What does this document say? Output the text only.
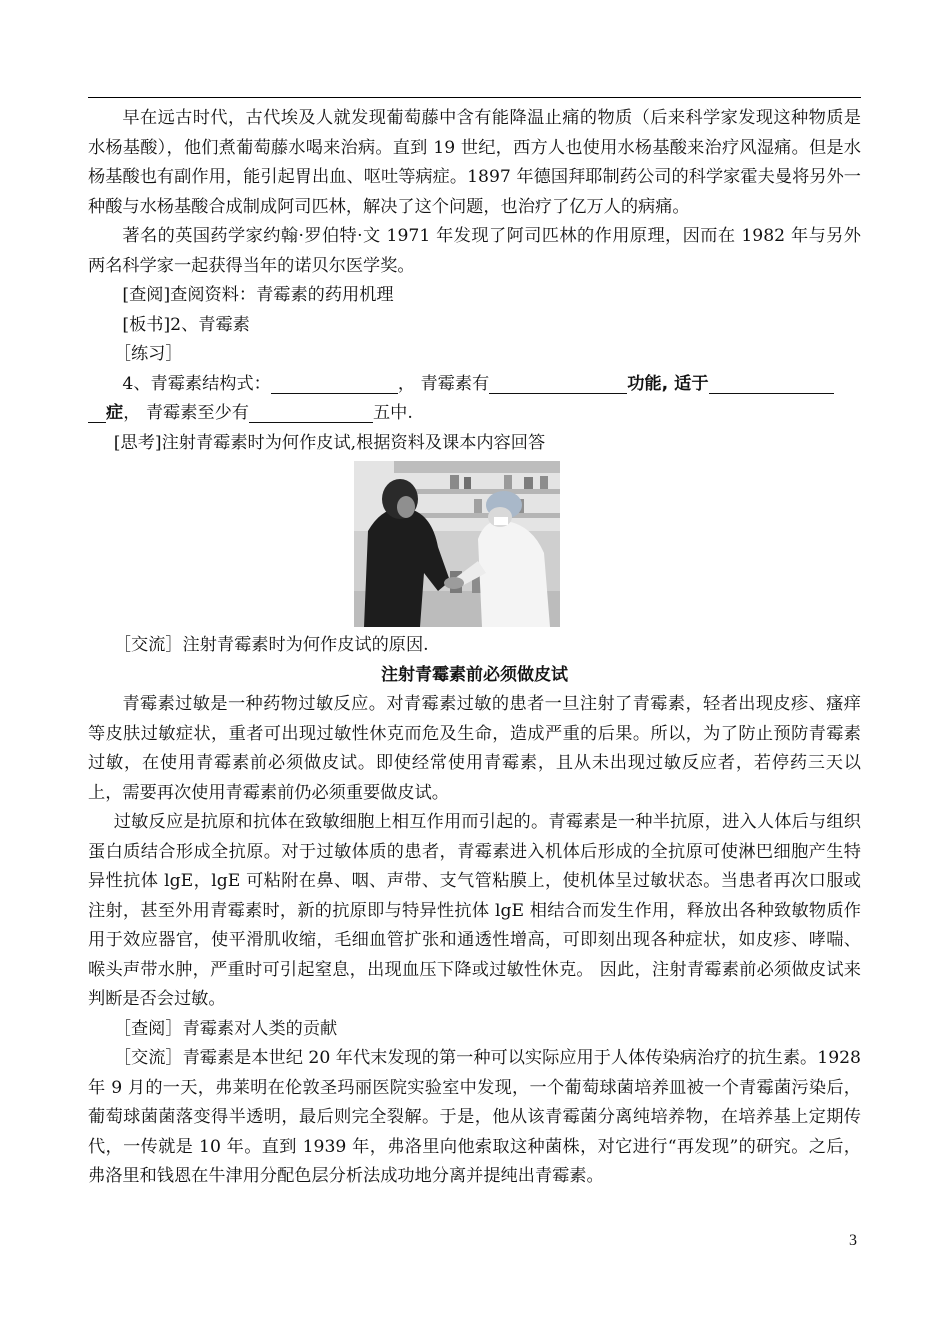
早在远古时代，古代埃及人就发现葡萄藤中含有能降温止痛的物质（后来科学家发现这种物质是水杨基酸），他们煮葡萄藤水喝来治病。直到 19 世纪，西方人也使用水杨基酸来治疗风湿痛。但是水杨基酸也有副作用，能引起胃出血、呕吐等病症。1897 年德国拜耶制药公司的科学家霍夫曼将另外一种酸与水杨基酸合成制成阿司匹林，解决了这个问题，也治疗了亿万人的病痛。

著名的英国药学家约翰·罗伯特·文 1971 年发现了阿司匹林的作用原理，因而在 1982 年与另外两名科学家一起获得当年的诺贝尔医学奖。

[查阅]查阅资料：青霉素的药用机理

[板书]2、青霉素

［练习］

4、青霉素结构式：	， 青霉素有	功能, 适于
症， 青霉素至少有	五中.

[思考]注射青霉素时为何作皮试,根据资料及课本内容回答

［交流］注射青霉素时为何作皮试的原因.

注射青霉素前必须做皮试

青霉素过敏是一种药物过敏反应。对青霉素过敏的患者一旦注射了青霉素，轻者出现皮疹、瘙痒等皮肤过敏症状，重者可出现过敏性休克而危及生命，造成严重的后果。所以，为了防止预防青霉素过敏，在使用青霉素前必须做皮试。即使经常使用青霉素，且从未出现过敏反应者，若停药三天以上，需要再次使用青霉素前仍必须重要做皮试。

过敏反应是抗原和抗体在致敏细胞上相互作用而引起的。青霉素是一种半抗原，进入人体后与组织蛋白质结合形成全抗原。对于过敏体质的患者，青霉素进入机体后形成的全抗原可使淋巴细胞产生特异性抗体 lgE，lgE 可粘附在鼻、咽、声带、支气管粘膜上，使机体呈过敏状态。当患者再次口服或注射，甚至外用青霉素时，新的抗原即与特异性抗体 lgE 相结合而发生作用，释放出各种致敏物质作用于效应器官，使平滑肌收缩，毛细血管扩张和通透性增高，可即刻出现各种症状，如皮疹、哮喘、喉头声带水肿，严重时可引起窒息，出现血压下降或过敏性休克。 因此，注射青霉素前必须做皮试来判断是否会过敏。

［查阅］青霉素对人类的贡献

［交流］青霉素是本世纪 20 年代末发现的第一种可以实际应用于人体传染病治疗的抗生素。1928 年 9 月的一天，弗莱明在伦敦圣玛丽医院实验室中发现，一个葡萄球菌培养皿被一个青霉菌污染后，葡萄球菌菌落变得半透明，最后则完全裂解。于是，他从该青霉菌分离纯培养物，在培养基上定期传代，一传就是 10 年。直到 1939 年，弗洛里向他索取这种菌株，对它进行“再发现”的研究。之后，弗洛里和钱恩在牛津用分配色层分析法成功地分离并提纯出青霉素。

3
